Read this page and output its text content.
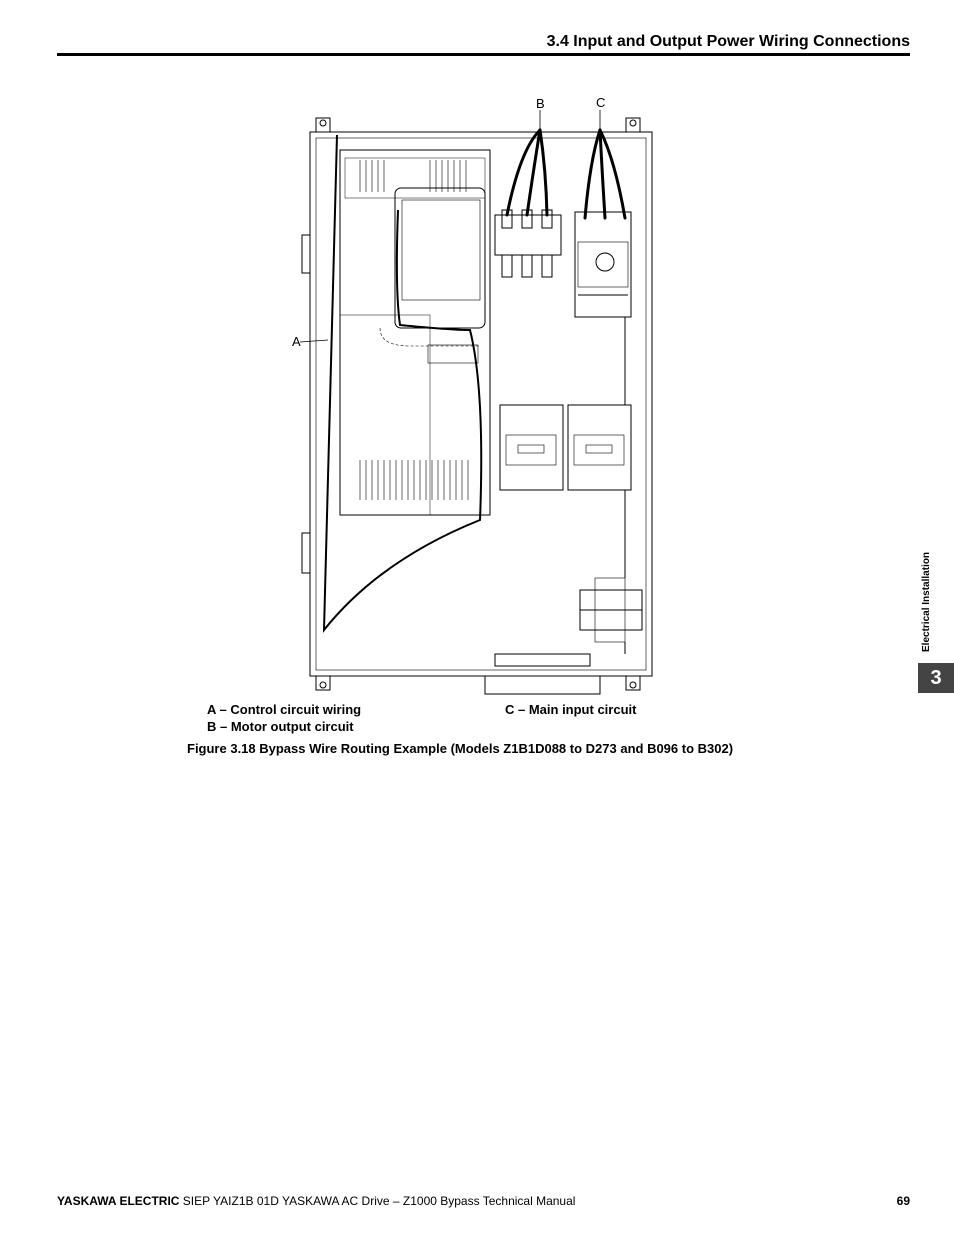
3.4 Input and Output Power Wiring Connections
A
B	C
A – Control circuit wiring
B – Motor output circuit
C – Main input circuit
Figure 3.18 Bypass Wire Routing Example (Models Z1B1D088 to D273 and B096 to B302)
Electrical Installation
3
YASKAWA ELECTRIC SIEP YAIZ1B 01D YASKAWA AC Drive – Z1000 Bypass Technical Manual	69
